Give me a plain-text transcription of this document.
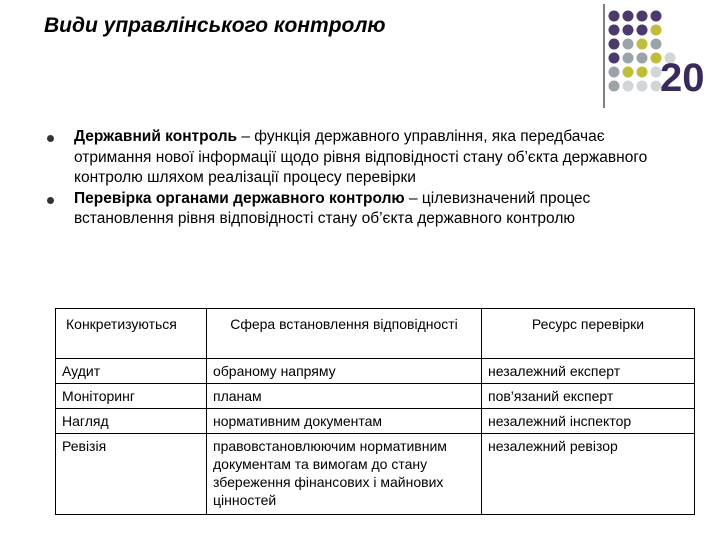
Види управлінського контролю
20

Державний контроль – функція державного управління, яка передбачає отримання нової інформації щодо рівня відповідності стану об’єкта державного контролю шляхом реалізації процесу перевірки

Перевірка органами державного контролю – цілевизначений процес встановлення рівня відповідності стану об’єкта державного контролю

Конкретизуються	Сфера встановлення відповідності	Ресурс перевірки
Аудит	обраному напряму	незалежний експерт
Моніторинг	планам	пов’язаний експерт
Нагляд	нормативним документам	незалежний інспектор
Ревізія	правовстановлюючим нормативним документам та вимогам до стану збереження фінансових і майнових цінностей	незалежний ревізор
